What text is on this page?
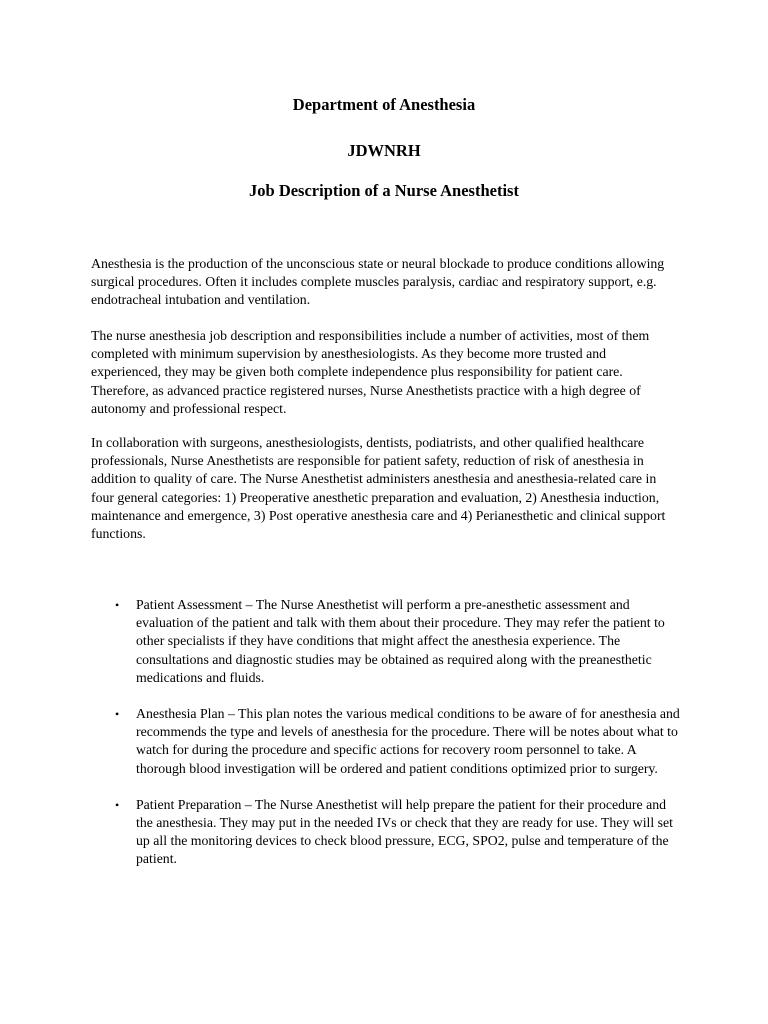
Department of Anesthesia
JDWNRH
Job Description of a Nurse Anesthetist

Anesthesia is the production of the unconscious state or neural blockade to produce conditions allowing surgical procedures. Often it includes complete muscles paralysis, cardiac and respiratory support, e.g. endotracheal intubation and ventilation.

The nurse anesthesia job description and responsibilities include a number of activities, most of them completed with minimum supervision by anesthesiologists. As they become more trusted and experienced, they may be given both complete independence plus responsibility for patient care. Therefore, as advanced practice registered nurses, Nurse Anesthetists practice with a high degree of autonomy and professional respect.

In collaboration with surgeons, anesthesiologists, dentists, podiatrists, and other qualified healthcare professionals, Nurse Anesthetists are responsible for patient safety, reduction of risk of anesthesia in addition to quality of care. The Nurse Anesthetist administers anesthesia and anesthesia-related care in four general categories: 1) Preoperative anesthetic preparation and evaluation, 2) Anesthesia induction, maintenance and emergence, 3) Post operative anesthesia care and 4) Perianesthetic and clinical support functions.

•	Patient Assessment – The Nurse Anesthetist will perform a pre-anesthetic assessment and evaluation of the patient and talk with them about their procedure. They may refer the patient to other specialists if they have conditions that might affect the anesthesia experience. The consultations and diagnostic studies may be obtained as required along with the preanesthetic medications and fluids.
•	Anesthesia Plan – This plan notes the various medical conditions to be aware of for anesthesia and recommends the type and levels of anesthesia for the procedure. There will be notes about what to watch for during the procedure and specific actions for recovery room personnel to take. A thorough blood investigation will be ordered and patient conditions optimized prior to surgery.
•	Patient Preparation – The Nurse Anesthetist will help prepare the patient for their procedure and the anesthesia. They may put in the needed IVs or check that they are ready for use. They will set up all the monitoring devices to check blood pressure, ECG, SPO2, pulse and temperature of the patient.
